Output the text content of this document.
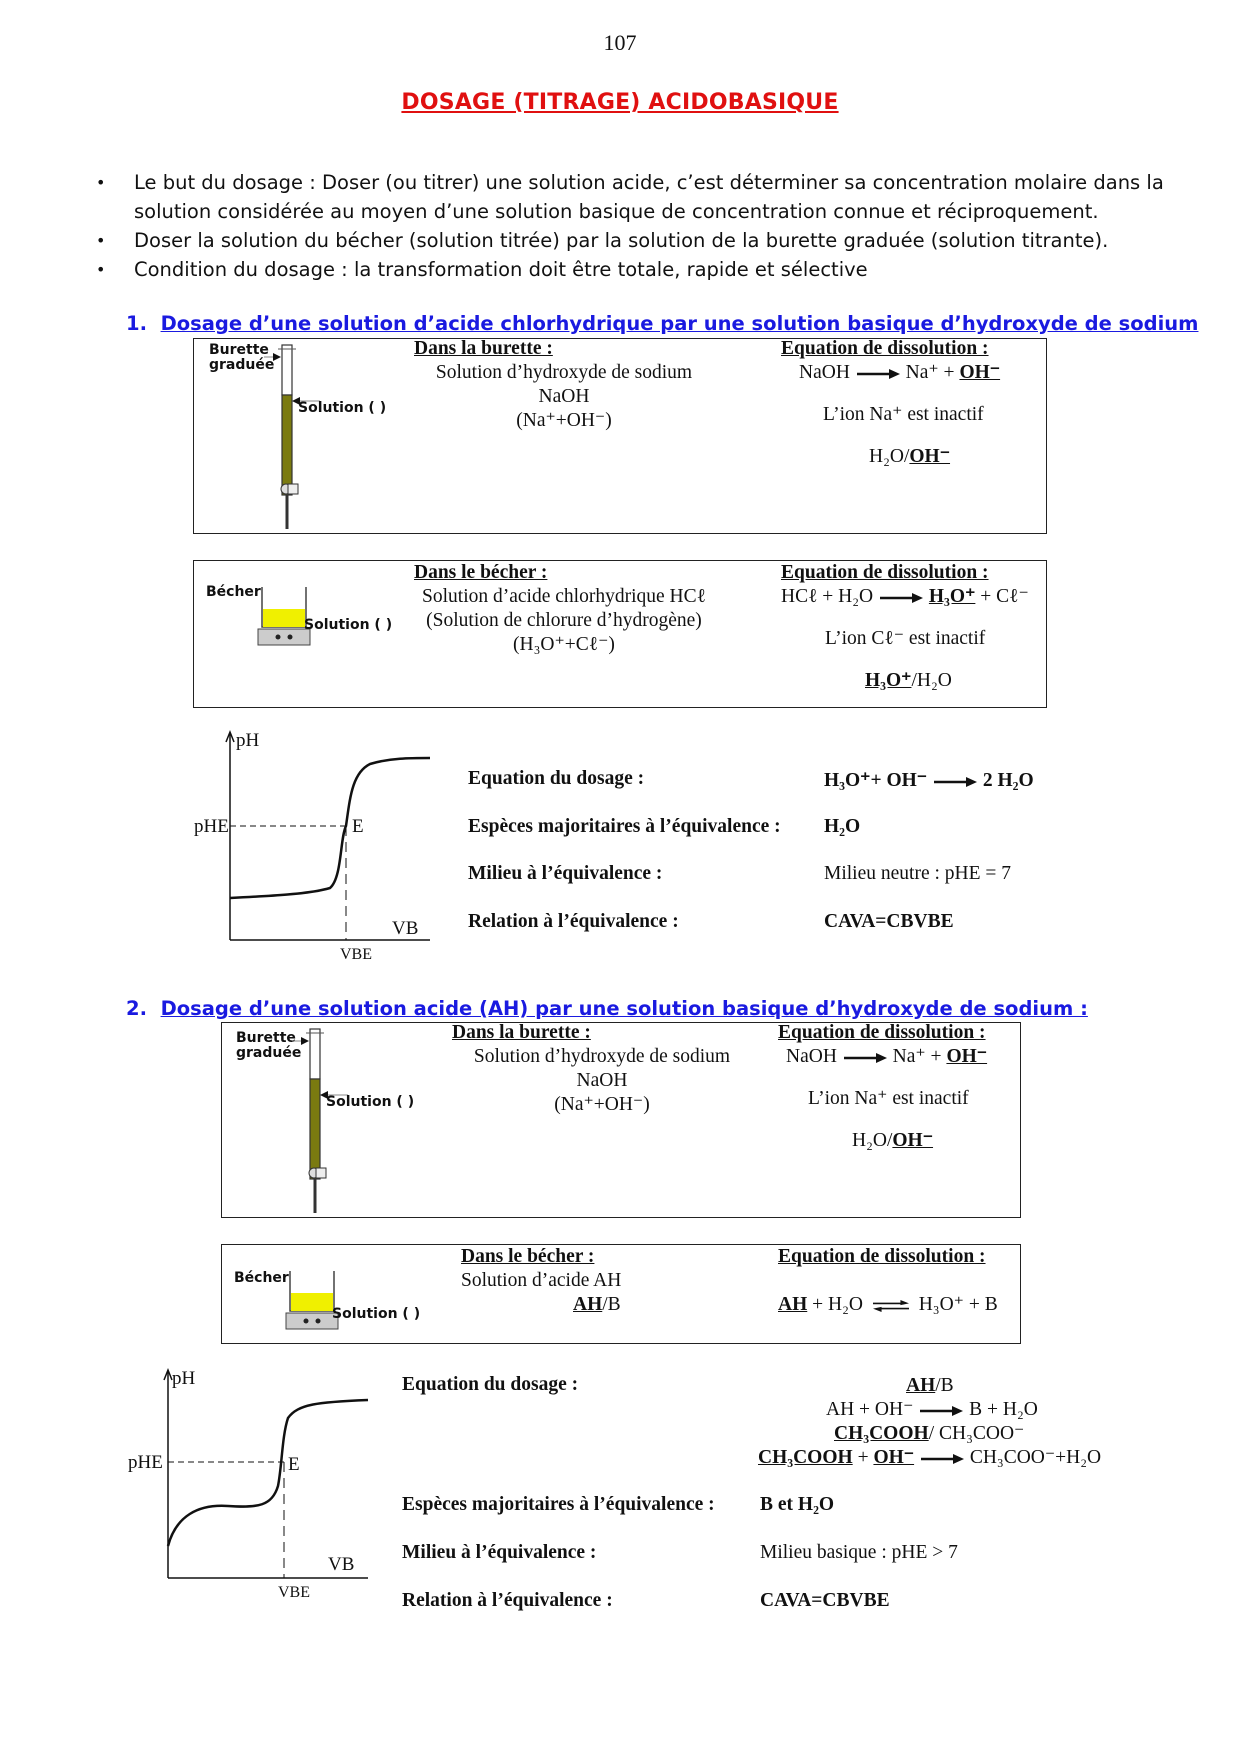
107
DOSAGE (TITRAGE) ACIDOBASIQUE
• Le but du dosage : Doser (ou titrer) une solution acide, c’est déterminer sa concentration molaire dans la solution considérée au moyen d’une solution basique de concentration connue et réciproquement.
• Doser la solution du bécher (solution titrée) par la solution de la burette graduée (solution titrante).
• Condition du dosage : la transformation doit être totale, rapide et sélective
1. Dosage d’une solution d’acide chlorhydrique par une solution basique d’hydroxyde de sodium
Burette
graduée
Solution ( )
Dans la burette :
Solution d’hydroxyde de sodium
NaOH
(Na⁺+OH⁻)
Equation de dissolution :
NaOH	Na⁺ + OH⁻
L’ion Na⁺ est inactif
H₂O/OH⁻
Bécher
Solution ( )
Dans le bécher :
Solution d’acide chlorhydrique HCℓ
(Solution de chlorure d’hydrogène)
(H₃O⁺+Cℓ⁻)
Equation de dissolution :
HCℓ + H₂O	H₃O⁺ + Cℓ⁻
L’ion Cℓ⁻ est inactif
H₃O⁺/H₂O
pH
pHE	E
VB
VBE
Equation du dosage :	H₃O⁺+ OH⁻	2 H₂O
Espèces majoritaires à l’équivalence : H₂O
Milieu à l’équivalence :	Milieu neutre : pHE = 7
Relation à l’équivalence :	CAVA=CBVBE
2. Dosage d’une solution acide (AH) par une solution basique d’hydroxyde de sodium :
Burette
graduée
Solution ( )
Dans la burette :
Solution d’hydroxyde de sodium
NaOH
(Na⁺+OH⁻)
Equation de dissolution :
NaOH	Na⁺ + OH⁻
L’ion Na⁺ est inactif
H₂O/OH⁻
Bécher
Solution ( )
Dans le bécher :
Solution d’acide AH
AH/B
Equation de dissolution :
AH + H₂O ⇌ H₃O⁺ + B
pH
pHE	E
VB
VBE
Equation du dosage :	AH/B
AH + OH⁻	B + H₂O
CH₃COOH/ CH₃COO⁻
CH₃COOH + OH⁻	CH₃COO⁻+H₂O
Espèces majoritaires à l’équivalence : B et H₂O
Milieu à l’équivalence :	Milieu basique : pHE > 7
Relation à l’équivalence :	CAVA=CBVBE
